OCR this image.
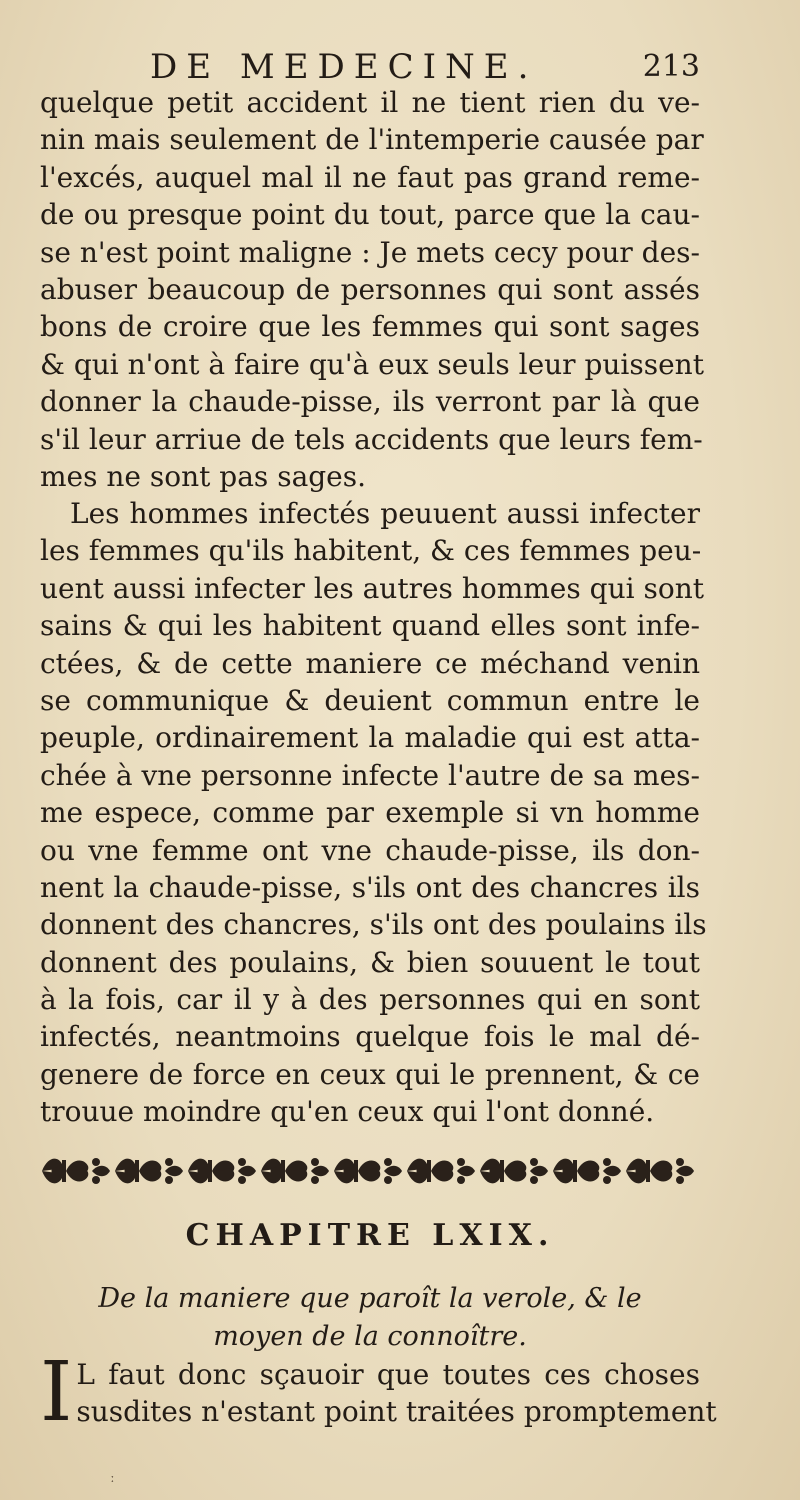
DE MEDECINE.	213
quelque petit accident il ne tient rien du ve-
nin mais seulement de l'intemperie causée par
l'excés, auquel mal il ne faut pas grand reme-
de ou presque point du tout, parce que la cau-
se n'est point maligne : Je mets cecy pour des-
abuser beaucoup de personnes qui sont assés
bons de croire que les femmes qui sont sages
& qui n'ont à faire qu'à eux seuls leur puissent
donner la chaude-pisse, ils verront par là que
s'il leur arriue de tels accidents que leurs fem-
mes ne sont pas sages.
Les hommes infectés peuuent aussi infecter
les femmes qu'ils habitent, & ces femmes peu-
uent aussi infecter les autres hommes qui sont
sains & qui les habitent quand elles sont infe-
ctées, & de cette maniere ce méchand venin
se communique & deuient commun entre le
peuple, ordinairement la maladie qui est atta-
chée à vne personne infecte l'autre de sa mes-
me espece, comme par exemple si vn homme
ou vne femme ont vne chaude-pisse, ils don-
nent la chaude-pisse, s'ils ont des chancres ils
donnent des chancres, s'ils ont des poulains ils
donnent des poulains, & bien souuent le tout
à la fois, car il y à des personnes qui en sont
infectés, neantmoins quelque fois le mal dé-
genere de force en ceux qui le prennent, & ce
trouue moindre qu'en ceux qui l'ont donné.
CHAPITRE LXIX.

De la maniere que paroît la verole, & le
moyen de la connoître.

I L faut donc sçauoir que toutes ces choses
susdites n'estant point traitées promptement
ː
